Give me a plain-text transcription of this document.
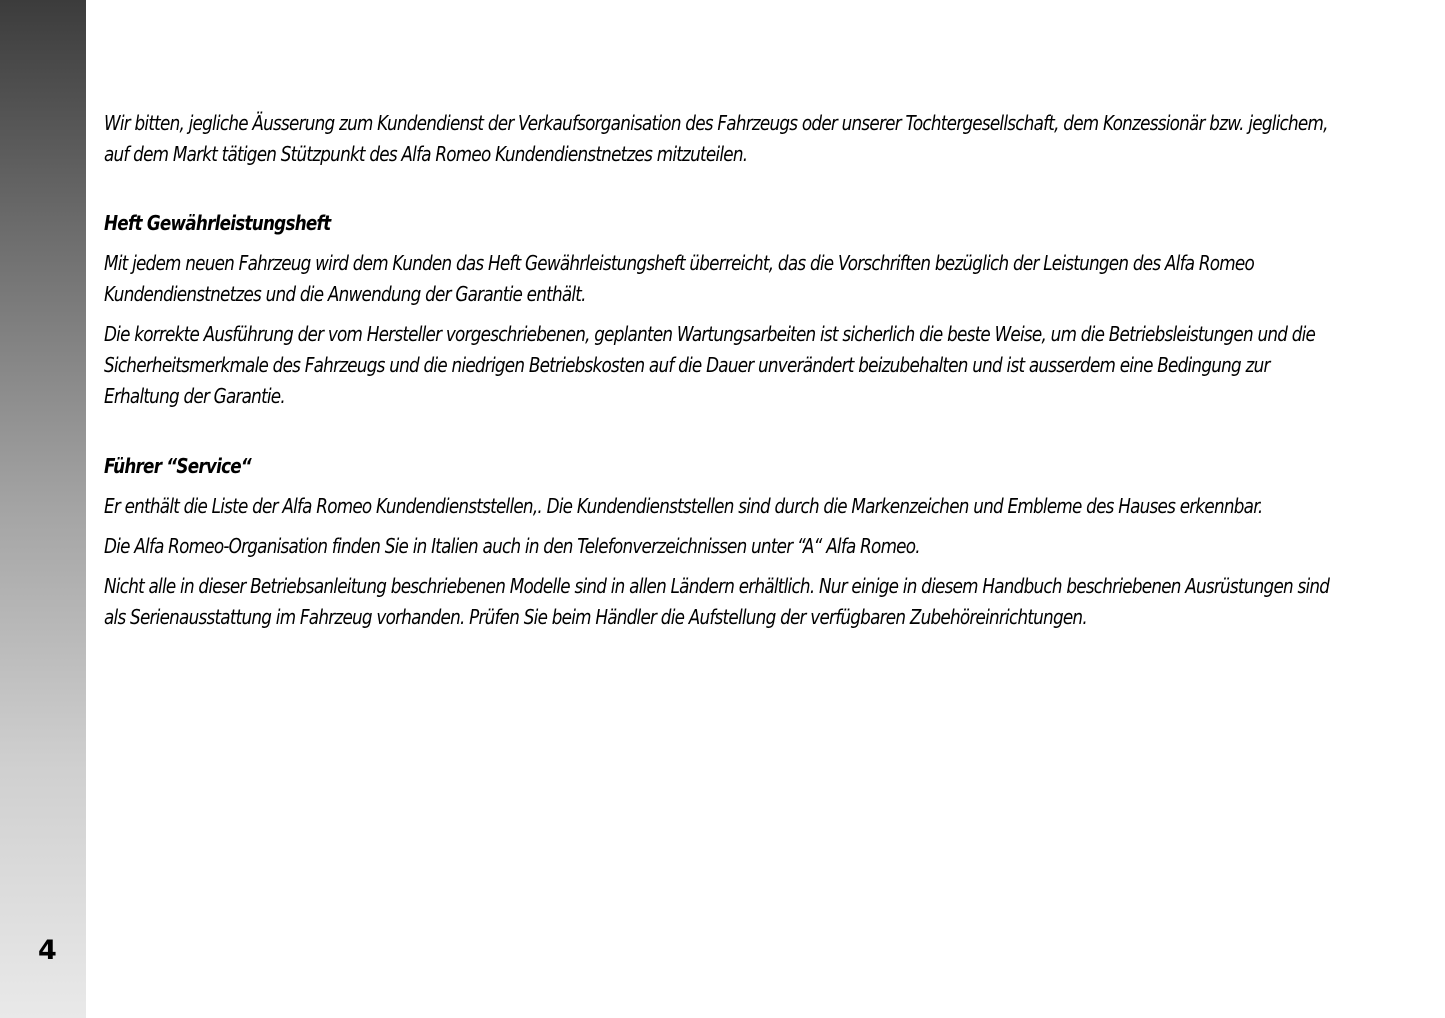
4

Wir bitten, jegliche Äusserung zum Kundendienst der Verkaufsorganisation des Fahrzeugs oder unserer Tochtergesellschaft, dem Konzessionär bzw. jeglichem, auf dem Markt tätigen Stützpunkt des Alfa Romeo Kundendienstnetzes mitzuteilen.

Heft Gewährleistungsheft

Mit jedem neuen Fahrzeug wird dem Kunden das Heft Gewährleistungsheft überreicht, das die Vorschriften bezüglich der Leistungen des Alfa Romeo Kundendienstnetzes und die Anwendung der Garantie enthält.

Die korrekte Ausführung der vom Hersteller vorgeschriebenen, geplanten Wartungsarbeiten ist sicherlich die beste Weise, um die Betriebsleistungen und die Sicherheitsmerkmale des Fahrzeugs und die niedrigen Betriebskosten auf die Dauer unverändert beizubehalten und ist ausserdem eine Bedingung zur Erhaltung der Garantie.

Führer “Service“

Er enthält die Liste der Alfa Romeo Kundendienststellen,. Die Kundendienststellen sind durch die Markenzeichen und Embleme des Hauses erkennbar.

Die Alfa Romeo-Organisation finden Sie in Italien auch in den Telefonverzeichnissen unter “A“ Alfa Romeo.

Nicht alle in dieser Betriebsanleitung beschriebenen Modelle sind in allen Ländern erhältlich. Nur einige in diesem Handbuch beschriebenen Ausrüstungen sind als Serienausstattung im Fahrzeug vorhanden. Prüfen Sie beim Händler die Aufstellung der verfügbaren Zubehöreinrichtungen.
